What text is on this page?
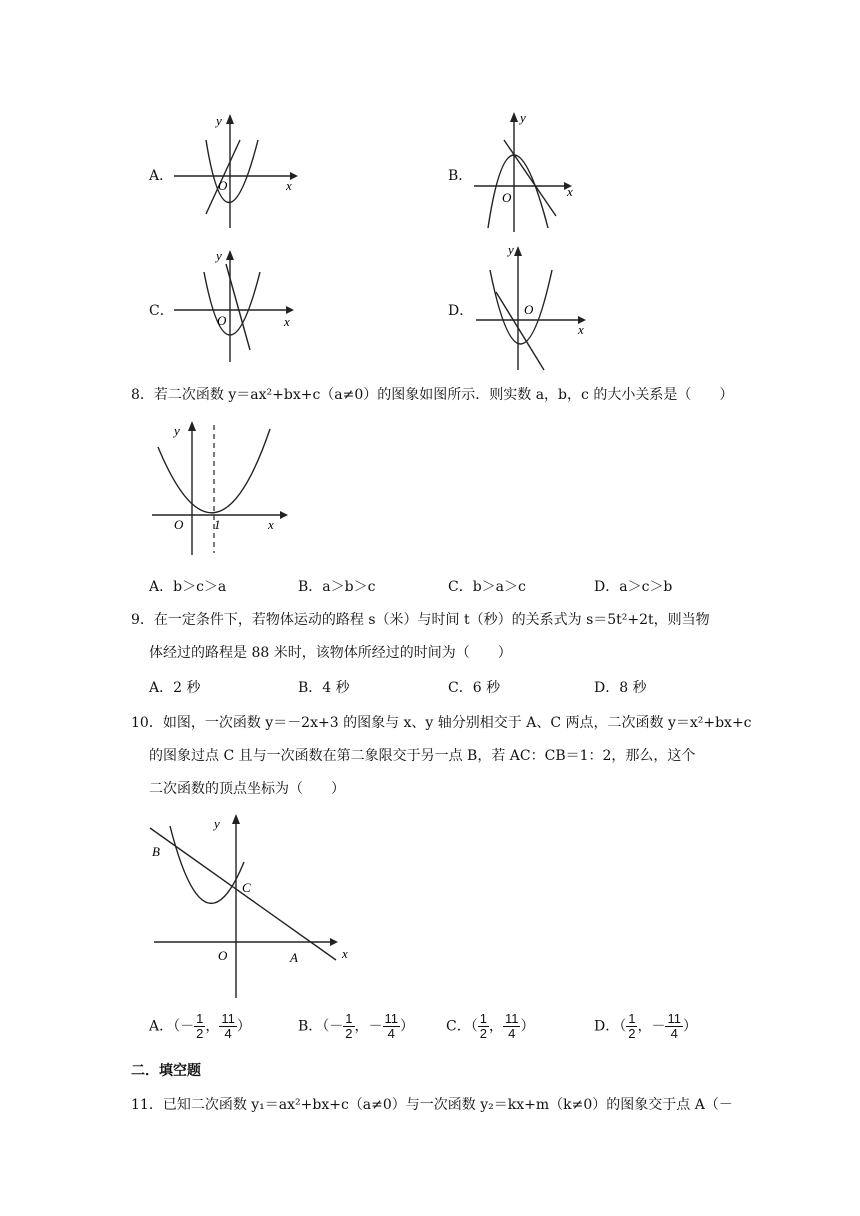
A．
x
y
O
B．
x
y
O
C．
x
y
O
D．
x
y
O
8．若二次函数 y＝ax²+bx+c（a≠0）的图象如图所示．则实数 a，b，c 的大小关系是（　　）
x
y
O 1
A．b＞c＞a	B．a＞b＞c	C．b＞a＞c	D．a＞c＞b
9．在一定条件下，若物体运动的路程 s（米）与时间 t（秒）的关系式为 s＝5t²+2t，则当物
体经过的路程是 88 米时，该物体所经过的时间为（　　）
A．2 秒	B．4 秒	C．6 秒	D．8 秒
10．如图，一次函数 y＝－2x+3 的图象与 x、y 轴分别相交于 A、C 两点，二次函数 y＝x²+bx+c
的图象过点 C 且与一次函数在第二象限交于另一点 B，若 AC：CB＝1：2，那么，这个
二次函数的顶点坐标为（　　）
x
y
O	A
B
C
A．（－ $\frac{1}{2}$ ， $\frac{11}{4}$ ）	B．（－ $\frac{1}{2}$ ，－ $\frac{11}{4}$ ） C．（ $\frac{1}{2}$ ， $\frac{11}{4}$ ）	D．（ $\frac{1}{2}$ ，－ $\frac{11}{4}$ ）
二．填空题
11．已知二次函数 y₁＝ax²+bx+c（a≠0）与一次函数 y₂＝kx+m（k≠0）的图象交于点 A（－
